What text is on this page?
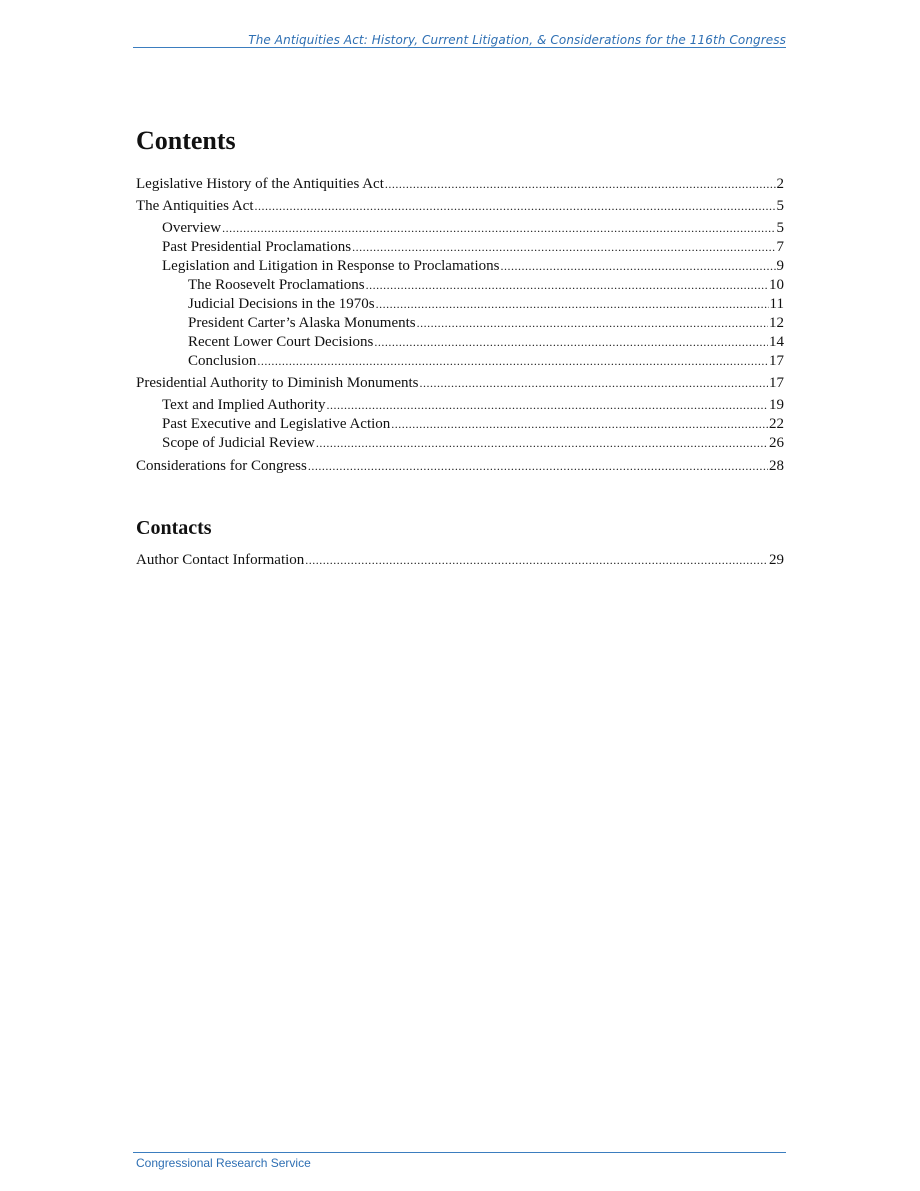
The Antiquities Act: History, Current Litigation, & Considerations for the 116th Congress
Contents
Legislative History of the Antiquities Act .....	2
The Antiquities Act .....	5
Overview .....	5
Past Presidential Proclamations .....	7
Legislation and Litigation in Response to Proclamations .....	9
The Roosevelt Proclamations .....	10
Judicial Decisions in the 1970s .....	11
President Carter’s Alaska Monuments .....	12
Recent Lower Court Decisions .....	14
Conclusion .....	17
Presidential Authority to Diminish Monuments .....	17
Text and Implied Authority .....	19
Past Executive and Legislative Action .....	22
Scope of Judicial Review .....	26
Considerations for Congress .....	28
Contacts
Author Contact Information .....	29
Congressional Research Service
